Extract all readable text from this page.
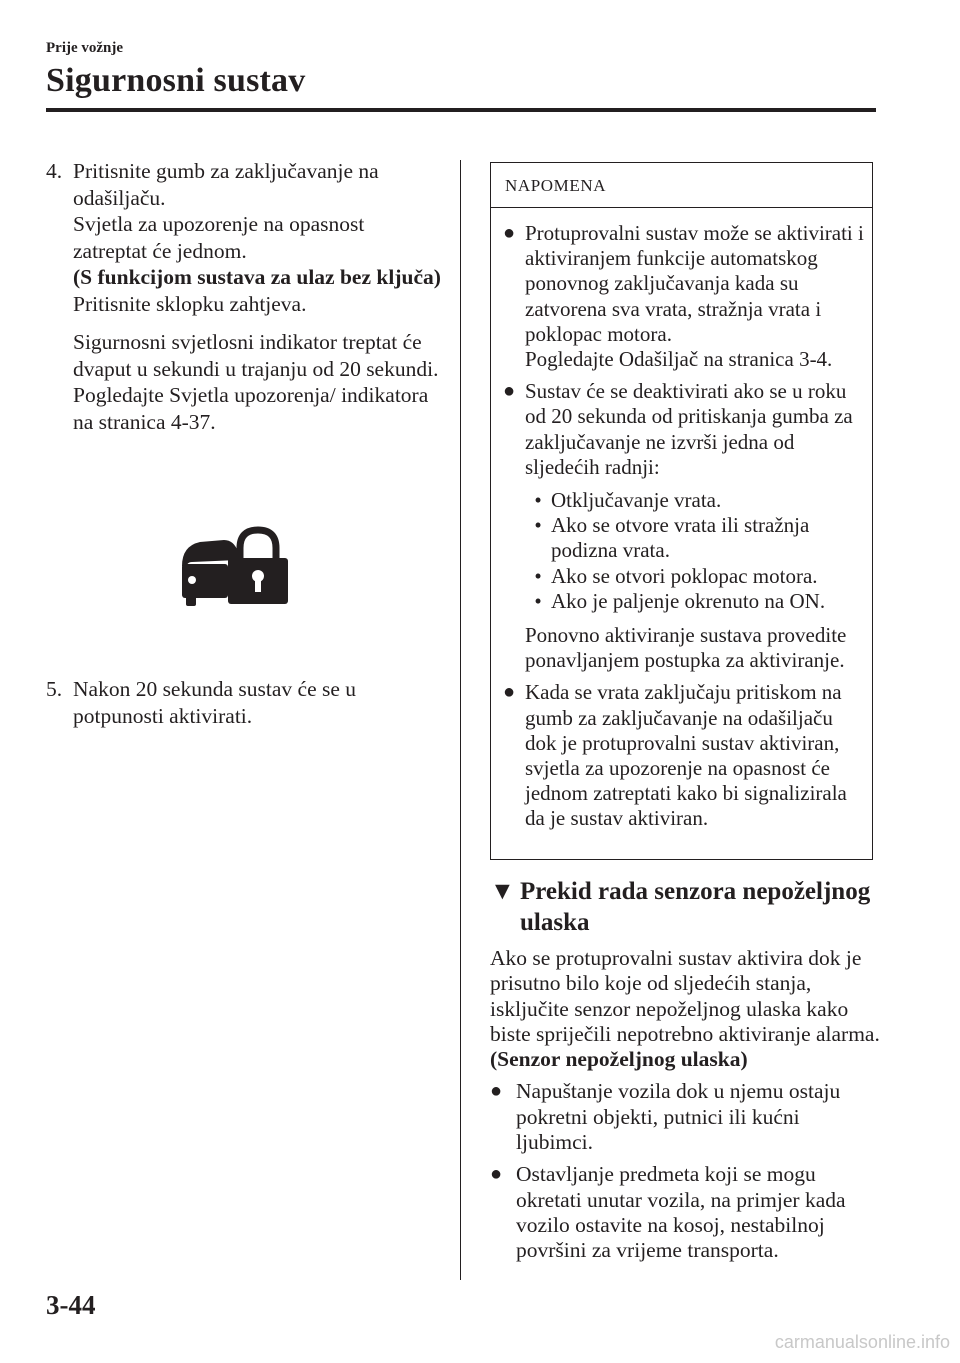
Prije vožnje
Sigurnosni sustav
4. Pritisnite gumb za zaključavanje na odašiljaču.
Svjetla za upozorenje na opasnost zatreptat će jednom.
(S funkcijom sustava za ulaz bez ključa)
Pritisnite sklopku zahtjeva.
Sigurnosni svjetlosni indikator treptat će dvaput u sekundi u trajanju od 20 sekundi.
Pogledajte Svjetla upozorenja/ indikatora na stranica 4-37.
5. Nakon 20 sekunda sustav će se u potpunosti aktivirati.
NAPOMENA
● Protuprovalni sustav može se aktivirati i aktiviranjem funkcije automatskog ponovnog zaključavanja kada su zatvorena sva vrata, stražnja vrata i poklopac motora.
Pogledajte Odašiljač na stranica 3-4.
● Sustav će se deaktivirati ako se u roku od 20 sekunda od pritiskanja gumba za zaključavanje ne izvrši jedna od sljedećih radnji:
• Otključavanje vrata.
• Ako se otvore vrata ili stražnja podizna vrata.
• Ako se otvori poklopac motora.
• Ako je paljenje okrenuto na ON.
Ponovno aktiviranje sustava provedite ponavljanjem postupka za aktiviranje.
● Kada se vrata zaključaju pritiskom na gumb za zaključavanje na odašiljaču dok je protuprovalni sustav aktiviran, svjetla za upozorenje na opasnost će jednom zatreptati kako bi signalizirala da je sustav aktiviran.
▼ Prekid rada senzora nepoželjnog ulaska
Ako se protuprovalni sustav aktivira dok je prisutno bilo koje od sljedećih stanja, isključite senzor nepoželjnog ulaska kako biste spriječili nepotrebno aktiviranje alarma.
(Senzor nepoželjnog ulaska)
● Napuštanje vozila dok u njemu ostaju pokretni objekti, putnici ili kućni ljubimci.
● Ostavljanje predmeta koji se mogu okretati unutar vozila, na primjer kada vozilo ostavite na kosoj, nestabilnoj površini za vrijeme transporta.
3-44
carmanualsonline.info
